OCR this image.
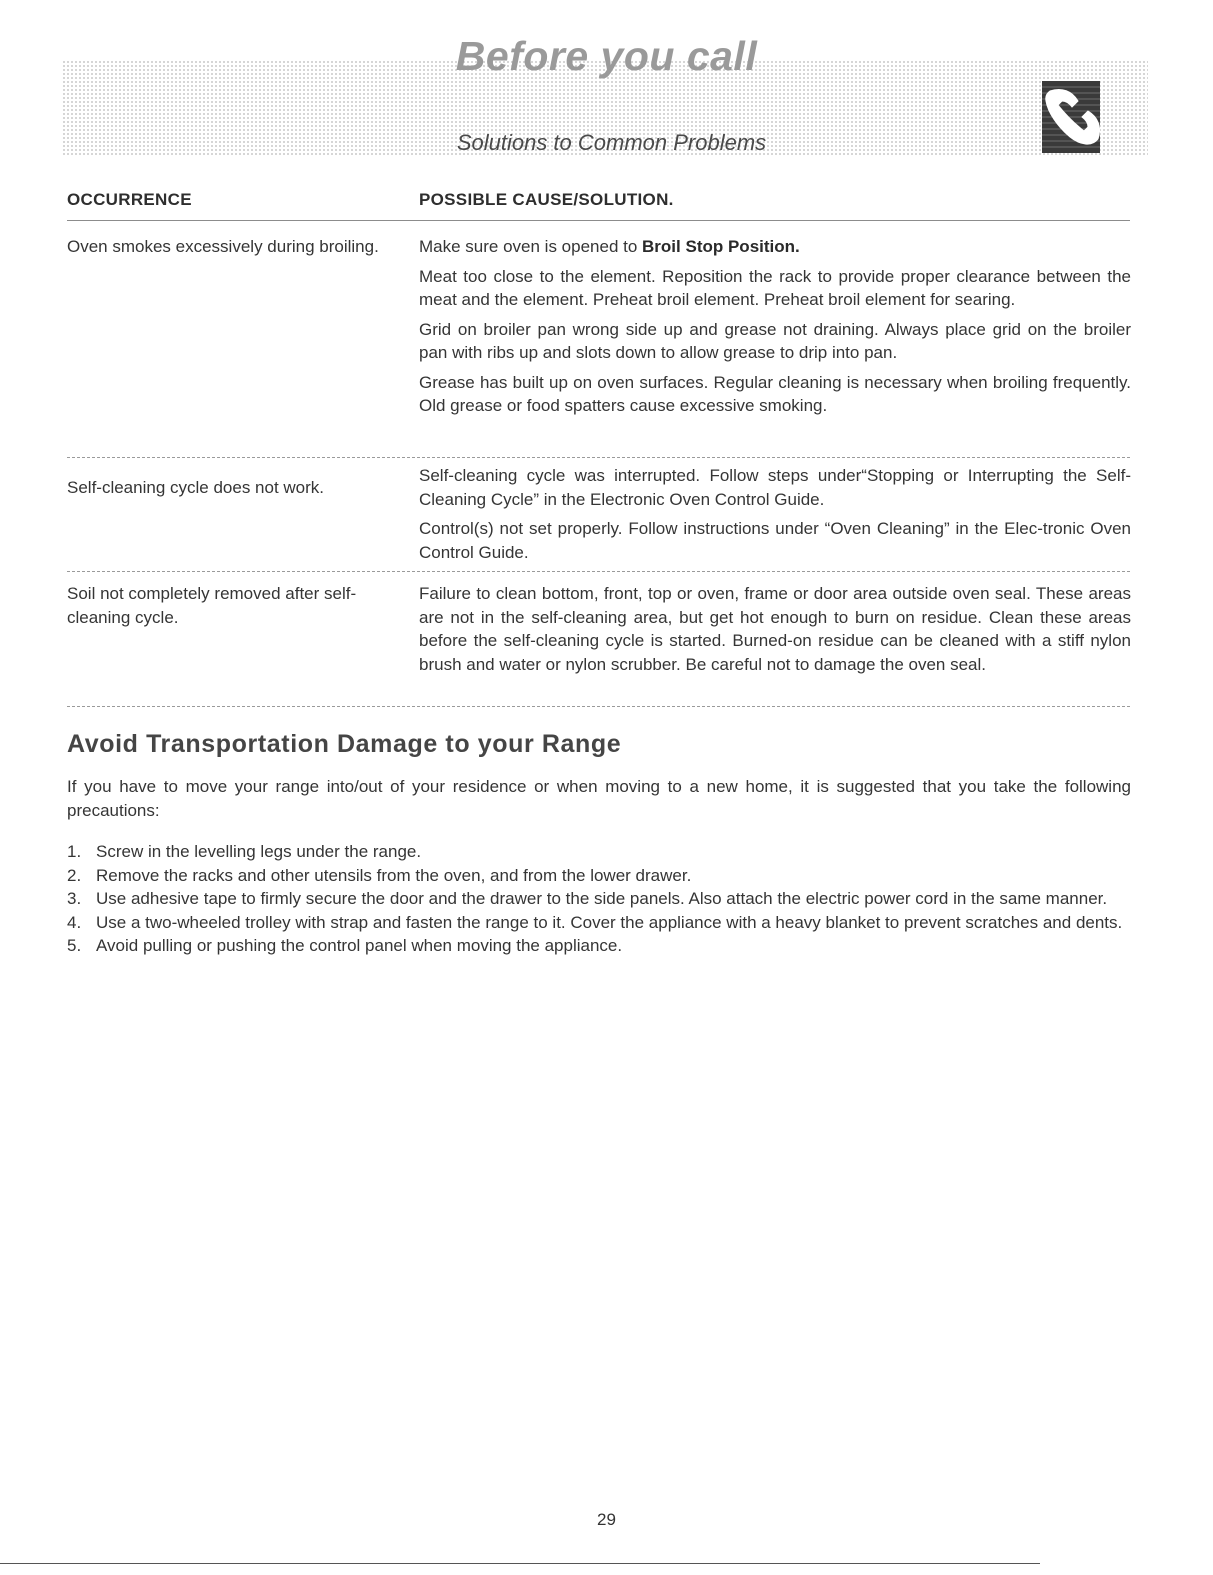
Before you call
Solutions to Common Problems
OCCURRENCE	POSSIBLE CAUSE/SOLUTION.
Oven smokes excessively during broiling.	Make sure oven is opened to Broil Stop Position.

Meat too close to the element. Reposition the rack to provide proper clearance between the meat and the element. Preheat broil element. Preheat broil element for searing.

Grid on broiler pan wrong side up and grease not draining. Always place grid on the broiler pan with ribs up and slots down to allow grease to drip into pan.

Grease has built up on oven surfaces. Regular cleaning is necessary when broiling frequently. Old grease or food spatters cause excessive smoking.

Self-cleaning cycle does not work.

Self-cleaning cycle was interrupted. Follow steps under“Stopping or Interrupting the Self-Cleaning Cycle” in the Electronic Oven Control Guide.

Control(s) not set properly. Follow instructions under “Oven Cleaning” in the Elec-tronic Oven Control Guide.

Soil not completely removed after self-cleaning cycle.

Failure to clean bottom, front, top or oven, frame or door area outside oven seal. These areas are not in the self-cleaning area, but get hot enough to burn on residue. Clean these areas before the self-cleaning cycle is started. Burned-on residue can be cleaned with a stiff nylon brush and water or nylon scrubber. Be careful not to damage the oven seal.

Avoid Transportation Damage to your Range
If you have to move your range into/out of your residence or when moving to a new home, it is suggested that you take the following precautions:
1. Screw in the levelling legs under the range.
2. Remove the racks and other utensils from the oven, and from the lower drawer.
3. Use adhesive tape to firmly secure the door and the drawer to the side panels. Also attach the electric power cord in the same manner.
4. Use a two-wheeled trolley with strap and fasten the range to it. Cover the appliance with a heavy blanket to prevent scratches and dents.
5. Avoid pulling or pushing the control panel when moving the appliance.
29
